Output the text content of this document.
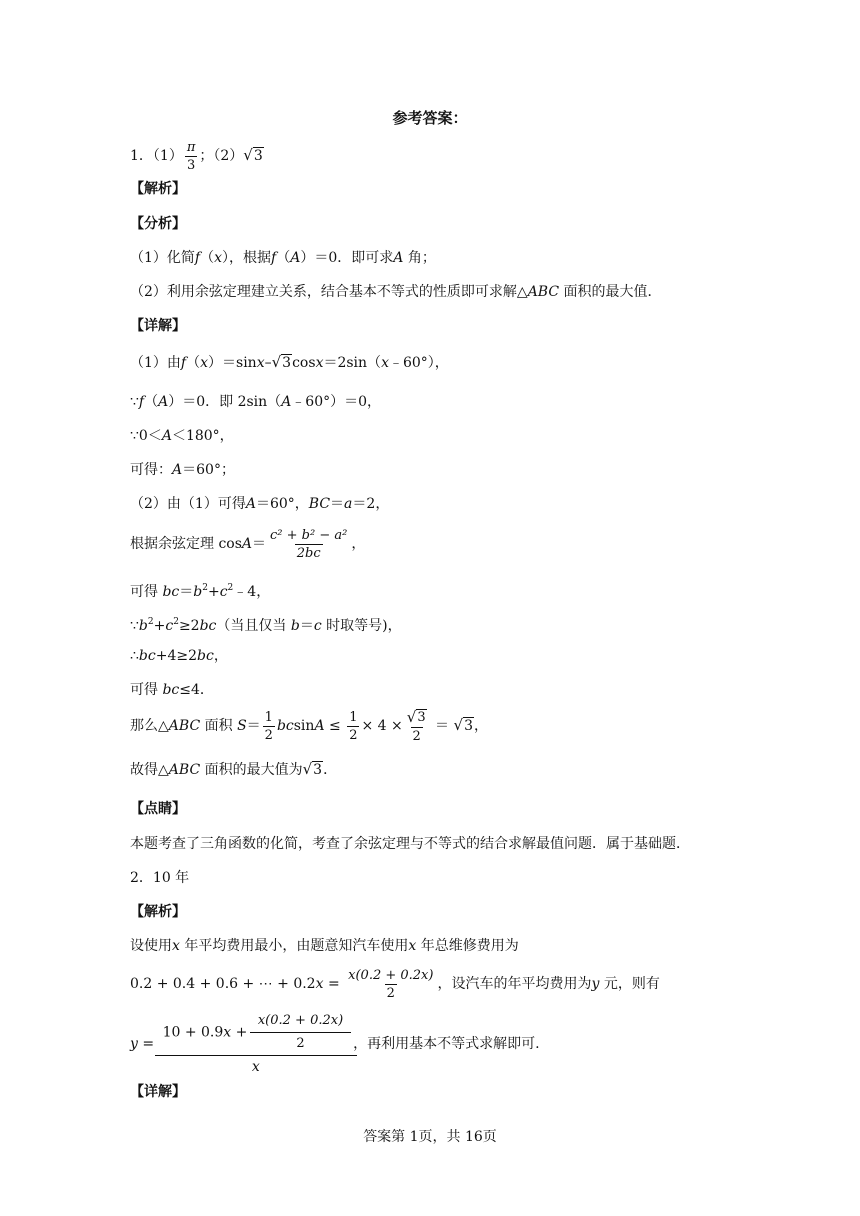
参考答案：
1．$(1) \frac{\pi}{3}$ ；（2） √ 3
【解析】
【分析】
（1）化简f（x），根据f（A）＝0．即可求A 角；
（2）利用余弦定理建立关系，结合基本不等式的性质即可求解△ABC 面积的最大值．
【详解】
（1）由f（x）＝sinx– √ 3 cosx＝2sin（x﹣60°），
∵f（A）＝0．即 2sin（A﹣60°）＝0，
∵0＜A＜180°，
可得：A＝60°；
（2）由（1）可得A＝60°，BC＝a＝2，
根据余弦定理 $\cos A= \frac{\text{c² + b² − a²}}{2bc}$ ，
可得 $bc=b^2+c^2﹣4$，
$\because b^2+c^2\ge 2bc$（当且仅当 b＝c 时取等号)，
∴bc+4≥2bc，
可得 bc≤4．
那么△ABC 面积 $S= \frac{1}{2}$ $bcsinA \le \frac{1}{2} \times 4 \times \frac{√ 3}{2}$ ＝ √ 3 ，
故得△ABC 面积的最大值为 √ 3 ．
【点睛】
本题考查了三角函数的化简，考查了余弦定理与不等式的结合求解最值问题．属于基础题．
2．10 年
【解析】
设使用x 年平均费用最小，由题意知汽车使用x 年总维修费用为
0.2 + 0.4 + 0.6 + ⋯ + $0.2x = \frac{x(0.2 + 0.2x)}{2}$ ，设汽车的年平均费用为y 元，则有
$y = \frac{10 + 0.9x + \frac{x(0.2 + 0.2x)}{2}}{x}$ ，再利用基本不等式求解即可.
【详解】
答案第 1页，共 16页
